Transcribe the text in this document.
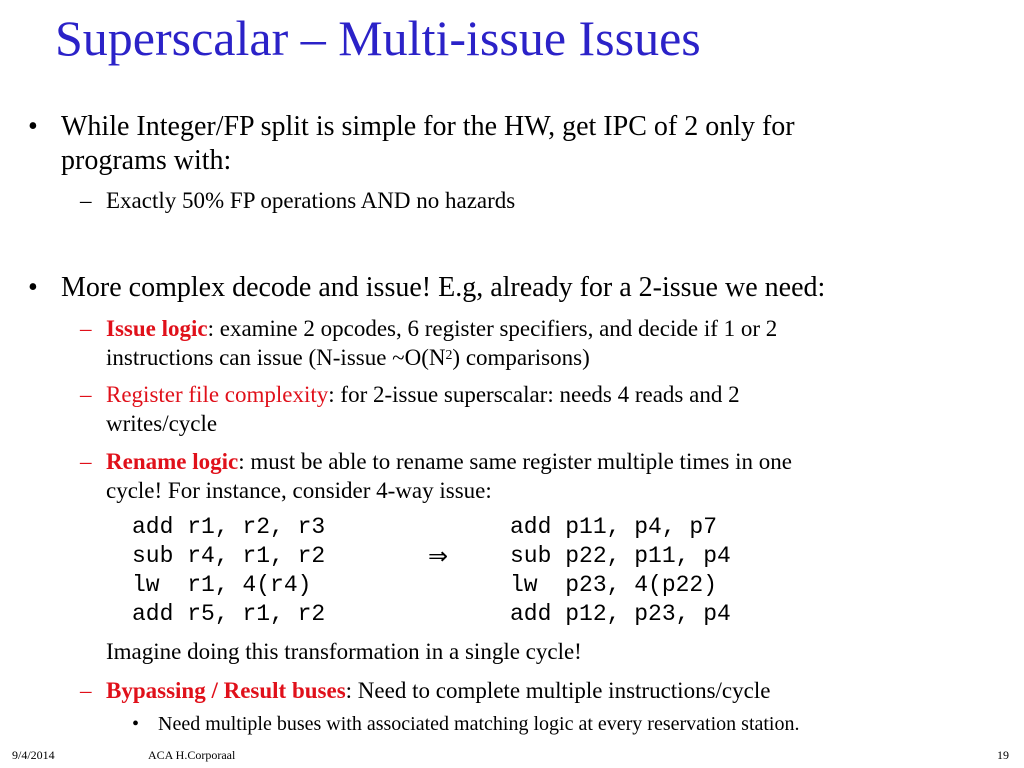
Superscalar – Multi-issue Issues
• While Integer/FP split is simple for the HW, get IPC of 2 only for
programs with:
– Exactly 50% FP operations AND no hazards
• More complex decode and issue! E.g, already for a 2-issue we need:
– Issue logic: examine 2 opcodes, 6 register specifiers, and decide if 1 or 2
instructions can issue (N-issue $\sim O(N^2)$ comparisons)
– Register file complexity: for 2-issue superscalar: needs 4 reads and 2
writes/cycle
– Rename logic: must be able to rename same register multiple times in one
cycle! For instance, consider 4-way issue:
add r1, r2, r3
sub r4, r1, r2
lw  r1, 4(r4)
add r5, r1, r2
⇒
add p11, p4, p7
sub p22, p11, p4
lw  p23, 4(p22)
add p12, p23, p4
Imagine doing this transformation in a single cycle!
– Bypassing / Result buses: Need to complete multiple instructions/cycle
• Need multiple buses with associated matching logic at every reservation station.
9/4/2014	ACA H.Corporaal	19
